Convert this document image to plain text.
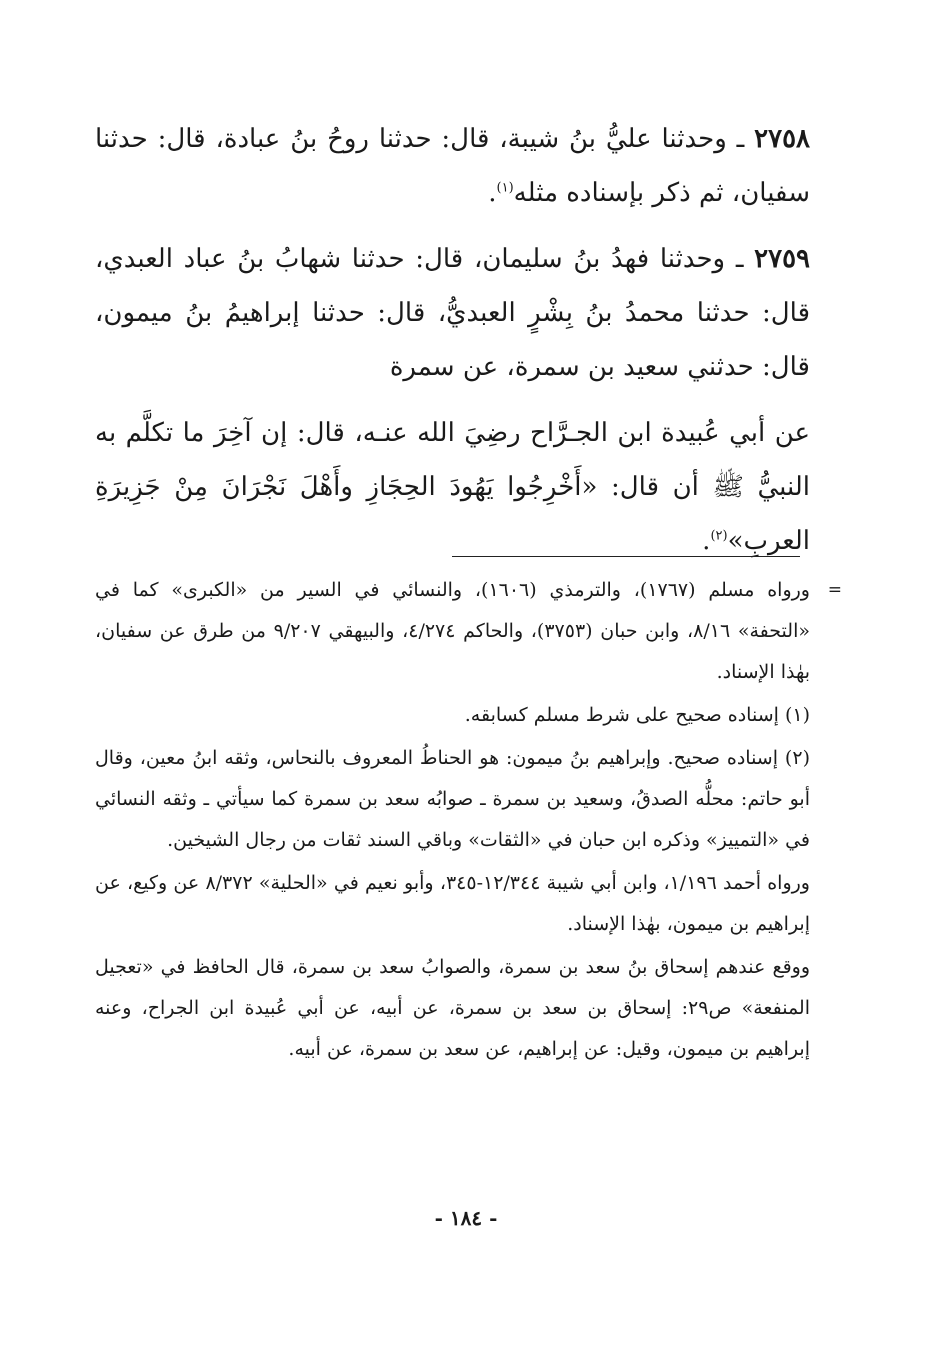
٢٧٥٨ ـ وحدثنا عليُّ بنُ شيبة، قال: حدثنا روحُ بنُ عبادة، قال: حدثنا سفيان، ثم ذكر بإسناده مثله$^{(١)}$.

٢٧٥٩ ـ وحدثنا فهدُ بنُ سليمان، قال: حدثنا شهابُ بنُ عباد العبدي، قال: حدثنا محمدُ بنُ بِشْرٍ العبديُّ، قال: حدثنا إبراهيمُ بنُ ميمون، قال: حدثني سعيد بن سمرة، عن سمرة

عن أبي عُبيدة ابن الجـرَّاح رضِيَ الله عنـه، قال: إن آخِرَ ما تكلَّم به النبيُّ ﷺ أن قال: «أَخْرِجُوا يَهُودَ الحِجَازِ وأَهْلَ نَجْرَانَ مِنْ جَزِيرَةِ العربِ»$^{(٢)}$.

=
ورواه مسلم (١٧٦٧)، والترمذي (١٦٠٦)، والنسائي في السير من «الكبرى» كما في «التحفة» ٨/١٦، وابن حبان (٣٧٥٣)، والحاكم ٤/٢٧٤، والبيهقي ٩/٢٠٧ من طرق عن سفيان، بهٰذا الإسناد.

(١) إسناده صحيح على شرط مسلم كسابقه.

(٢) إسناده صحيح. وإبراهيم بنُ ميمون: هو الحناطُ المعروف بالنحاس، وثقه ابنُ معين، وقال أبو حاتم: محلُّه الصدقُ، وسعيد بن سمرة ـ صوابُه سعد بن سمرة كما سيأتي ـ وثقه النسائي في «التمييز» وذكره ابن حبان في «الثقات» وباقي السند ثقات من رجال الشيخين.

ورواه أحمد ١/١٩٦، وابن أبي شيبة ١٢/٣٤٤-٣٤٥، وأبو نعيم في «الحلية» ٨/٣٧٢ عن وكيع، عن إبراهيم بن ميمون، بهٰذا الإسناد.

ووقع عندهم إسحاق بنُ سعد بن سمرة، والصوابُ سعد بن سمرة، قال الحافظ في «تعجيل المنفعة» ص٢٩: إسحاق بن سعد بن سمرة، عن أبيه، عن أبي عُبيدة ابن الجراح، وعنه إبراهيم بن ميمون، وقيل: عن إبراهيم، عن سعد بن سمرة، عن أبيه.

- ١٨٤ -
